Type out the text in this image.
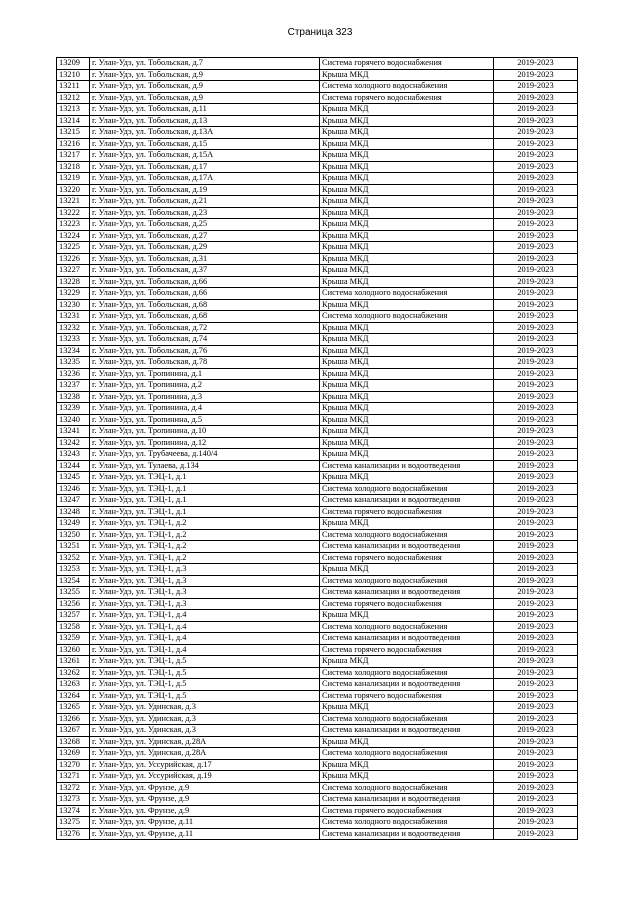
Страница 323
13209	г. Улан-Удэ, ул. Тобольская, д.7	Система горячего водоснабжения	2019-2023
13210	г. Улан-Удэ, ул. Тобольская, д.9	Крыша МКД	2019-2023
13211	г. Улан-Удэ, ул. Тобольская, д.9	Система холодного водоснабжения	2019-2023
13212	г. Улан-Удэ, ул. Тобольская, д.9	Система горячего водоснабжения	2019-2023
13213	г. Улан-Удэ, ул. Тобольская, д.11	Крыша МКД	2019-2023
13214	г. Улан-Удэ, ул. Тобольская, д.13	Крыша МКД	2019-2023
13215	г. Улан-Удэ, ул. Тобольская, д.13А	Крыша МКД	2019-2023
13216	г. Улан-Удэ, ул. Тобольская, д.15	Крыша МКД	2019-2023
13217	г. Улан-Удэ, ул. Тобольская, д.15А	Крыша МКД	2019-2023
13218	г. Улан-Удэ, ул. Тобольская, д.17	Крыша МКД	2019-2023
13219	г. Улан-Удэ, ул. Тобольская, д.17А	Крыша МКД	2019-2023
13220	г. Улан-Удэ, ул. Тобольская, д.19	Крыша МКД	2019-2023
13221	г. Улан-Удэ, ул. Тобольская, д.21	Крыша МКД	2019-2023
13222	г. Улан-Удэ, ул. Тобольская, д.23	Крыша МКД	2019-2023
13223	г. Улан-Удэ, ул. Тобольская, д.25	Крыша МКД	2019-2023
13224	г. Улан-Удэ, ул. Тобольская, д.27	Крыша МКД	2019-2023
13225	г. Улан-Удэ, ул. Тобольская, д.29	Крыша МКД	2019-2023
13226	г. Улан-Удэ, ул. Тобольская, д.31	Крыша МКД	2019-2023
13227	г. Улан-Удэ, ул. Тобольская, д.37	Крыша МКД	2019-2023
13228	г. Улан-Удэ, ул. Тобольская, д.66	Крыша МКД	2019-2023
13229	г. Улан-Удэ, ул. Тобольская, д.66	Система холодного водоснабжения	2019-2023
13230	г. Улан-Удэ, ул. Тобольская, д.68	Крыша МКД	2019-2023
13231	г. Улан-Удэ, ул. Тобольская, д.68	Система холодного водоснабжения	2019-2023
13232	г. Улан-Удэ, ул. Тобольская, д.72	Крыша МКД	2019-2023
13233	г. Улан-Удэ, ул. Тобольская, д.74	Крыша МКД	2019-2023
13234	г. Улан-Удэ, ул. Тобольская, д.76	Крыша МКД	2019-2023
13235	г. Улан-Удэ, ул. Тобольская, д.78	Крыша МКД	2019-2023
13236	г. Улан-Удэ, ул. Тропинина, д.1	Крыша МКД	2019-2023
13237	г. Улан-Удэ, ул. Тропинина, д.2	Крыша МКД	2019-2023
13238	г. Улан-Удэ, ул. Тропинина, д.3	Крыша МКД	2019-2023
13239	г. Улан-Удэ, ул. Тропинина, д.4	Крыша МКД	2019-2023
13240	г. Улан-Удэ, ул. Тропинина, д.5	Крыша МКД	2019-2023
13241	г. Улан-Удэ, ул. Тропинина, д.10	Крыша МКД	2019-2023
13242	г. Улан-Удэ, ул. Тропинина, д.12	Крыша МКД	2019-2023
13243	г. Улан-Удэ, ул. Трубачеева, д.140/4	Крыша МКД	2019-2023
13244	г. Улан-Удэ, ул. Тулаева, д.134	Система канализации и водоотведения	2019-2023
13245	г. Улан-Удэ, ул. ТЭЦ-1, д.1	Крыша МКД	2019-2023
13246	г. Улан-Удэ, ул. ТЭЦ-1, д.1	Система холодного водоснабжения	2019-2023
13247	г. Улан-Удэ, ул. ТЭЦ-1, д.1	Система канализации и водоотведения	2019-2023
13248	г. Улан-Удэ, ул. ТЭЦ-1, д.1	Система горячего водоснабжения	2019-2023
13249	г. Улан-Удэ, ул. ТЭЦ-1, д.2	Крыша МКД	2019-2023
13250	г. Улан-Удэ, ул. ТЭЦ-1, д.2	Система холодного водоснабжения	2019-2023
13251	г. Улан-Удэ, ул. ТЭЦ-1, д.2	Система канализации и водоотведения	2019-2023
13252	г. Улан-Удэ, ул. ТЭЦ-1, д.2	Система горячего водоснабжения	2019-2023
13253	г. Улан-Удэ, ул. ТЭЦ-1, д.3	Крыша МКД	2019-2023
13254	г. Улан-Удэ, ул. ТЭЦ-1, д.3	Система холодного водоснабжения	2019-2023
13255	г. Улан-Удэ, ул. ТЭЦ-1, д.3	Система канализации и водоотведения	2019-2023
13256	г. Улан-Удэ, ул. ТЭЦ-1, д.3	Система горячего водоснабжения	2019-2023
13257	г. Улан-Удэ, ул. ТЭЦ-1, д.4	Крыша МКД	2019-2023
13258	г. Улан-Удэ, ул. ТЭЦ-1, д.4	Система холодного водоснабжения	2019-2023
13259	г. Улан-Удэ, ул. ТЭЦ-1, д.4	Система канализации и водоотведения	2019-2023
13260	г. Улан-Удэ, ул. ТЭЦ-1, д.4	Система горячего водоснабжения	2019-2023
13261	г. Улан-Удэ, ул. ТЭЦ-1, д.5	Крыша МКД	2019-2023
13262	г. Улан-Удэ, ул. ТЭЦ-1, д.5	Система холодного водоснабжения	2019-2023
13263	г. Улан-Удэ, ул. ТЭЦ-1, д.5	Система канализации и водоотведения	2019-2023
13264	г. Улан-Удэ, ул. ТЭЦ-1, д.5	Система горячего водоснабжения	2019-2023
13265	г. Улан-Удэ, ул. Удинская, д.3	Крыша МКД	2019-2023
13266	г. Улан-Удэ, ул. Удинская, д.3	Система холодного водоснабжения	2019-2023
13267	г. Улан-Удэ, ул. Удинская, д.3	Система канализации и водоотведения	2019-2023
13268	г. Улан-Удэ, ул. Удинская, д.28А	Крыша МКД	2019-2023
13269	г. Улан-Удэ, ул. Удинская, д.28А	Система холодного водоснабжения	2019-2023
13270	г. Улан-Удэ, ул. Уссурийская, д.17	Крыша МКД	2019-2023
13271	г. Улан-Удэ, ул. Уссурийская, д.19	Крыша МКД	2019-2023
13272	г. Улан-Удэ, ул. Фрунзе, д.9	Система холодного водоснабжения	2019-2023
13273	г. Улан-Удэ, ул. Фрунзе, д.9	Система канализации и водоотведения	2019-2023
13274	г. Улан-Удэ, ул. Фрунзе, д.9	Система горячего водоснабжения	2019-2023
13275	г. Улан-Удэ, ул. Фрунзе, д.11	Система холодного водоснабжения	2019-2023
13276	г. Улан-Удэ, ул. Фрунзе, д.11	Система канализации и водоотведения	2019-2023
